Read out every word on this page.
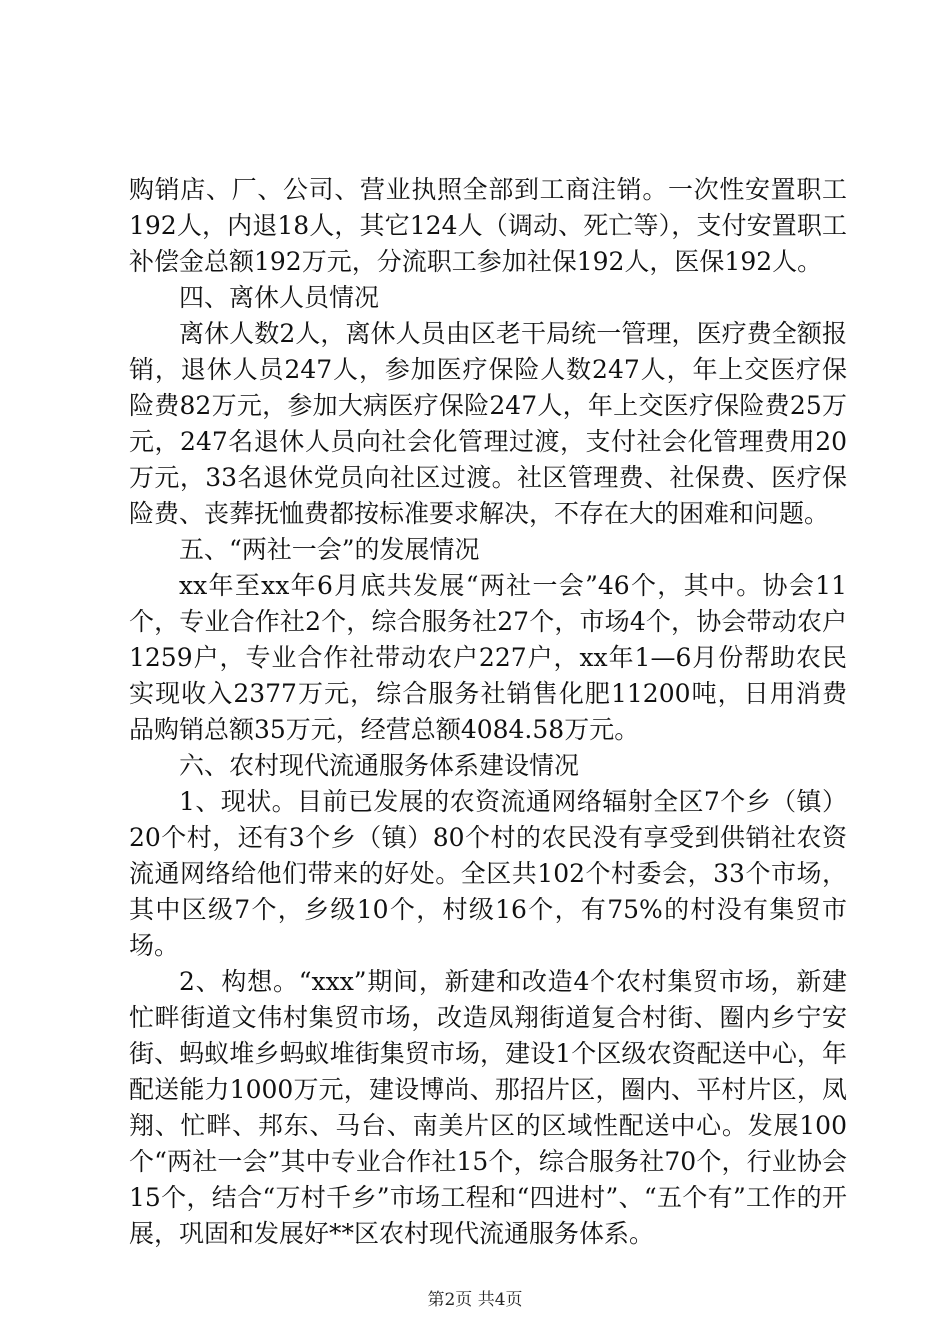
购销店、厂、公司、营业执照全部到工商注销。一次性安置职工192人，内退18人，其它124人（调动、死亡等），支付安置职工补偿金总额192万元，分流职工参加社保192人，医保192人。

四、离休人员情况

离休人数2人，离休人员由区老干局统一管理，医疗费全额报销，退休人员247人，参加医疗保险人数247人，年上交医疗保险费82万元，参加大病医疗保险247人，年上交医疗保险费25万元，247名退休人员向社会化管理过渡，支付社会化管理费用20万元，33名退休党员向社区过渡。社区管理费、社保费、医疗保险费、丧葬抚恤费都按标准要求解决，不存在大的困难和问题。

五、“两社一会”的发展情况

xx年至xx年6月底共发展“两社一会”46个，其中。协会11个，专业合作社2个，综合服务社27个，市场4个，协会带动农户1259户，专业合作社带动农户227户，xx年1—6月份帮助农民实现收入2377万元，综合服务社销售化肥11200吨，日用消费品购销总额35万元，经营总额4084.58万元。

六、农村现代流通服务体系建设情况

1、现状。目前已发展的农资流通网络辐射全区7个乡（镇）20个村，还有3个乡（镇）80个村的农民没有享受到供销社农资流通网络给他们带来的好处。全区共102个村委会，33个市场，其中区级7个，乡级10个，村级16个，有75%的村没有集贸市场。

2、构想。“xxx”期间，新建和改造4个农村集贸市场，新建忙畔街道文伟村集贸市场，改造凤翔街道复合村街、圈内乡宁安街、蚂蚁堆乡蚂蚁堆街集贸市场，建设1个区级农资配送中心，年配送能力1000万元，建设博尚、那招片区，圈内、平村片区，凤翔、忙畔、邦东、马台、南美片区的区域性配送中心。发展100个“两社一会”其中专业合作社15个，综合服务社70个，行业协会15个，结合“万村千乡”市场工程和“四进村”、“五个有”工作的开展，巩固和发展好**区农村现代流通服务体系。

第2页 共4页
